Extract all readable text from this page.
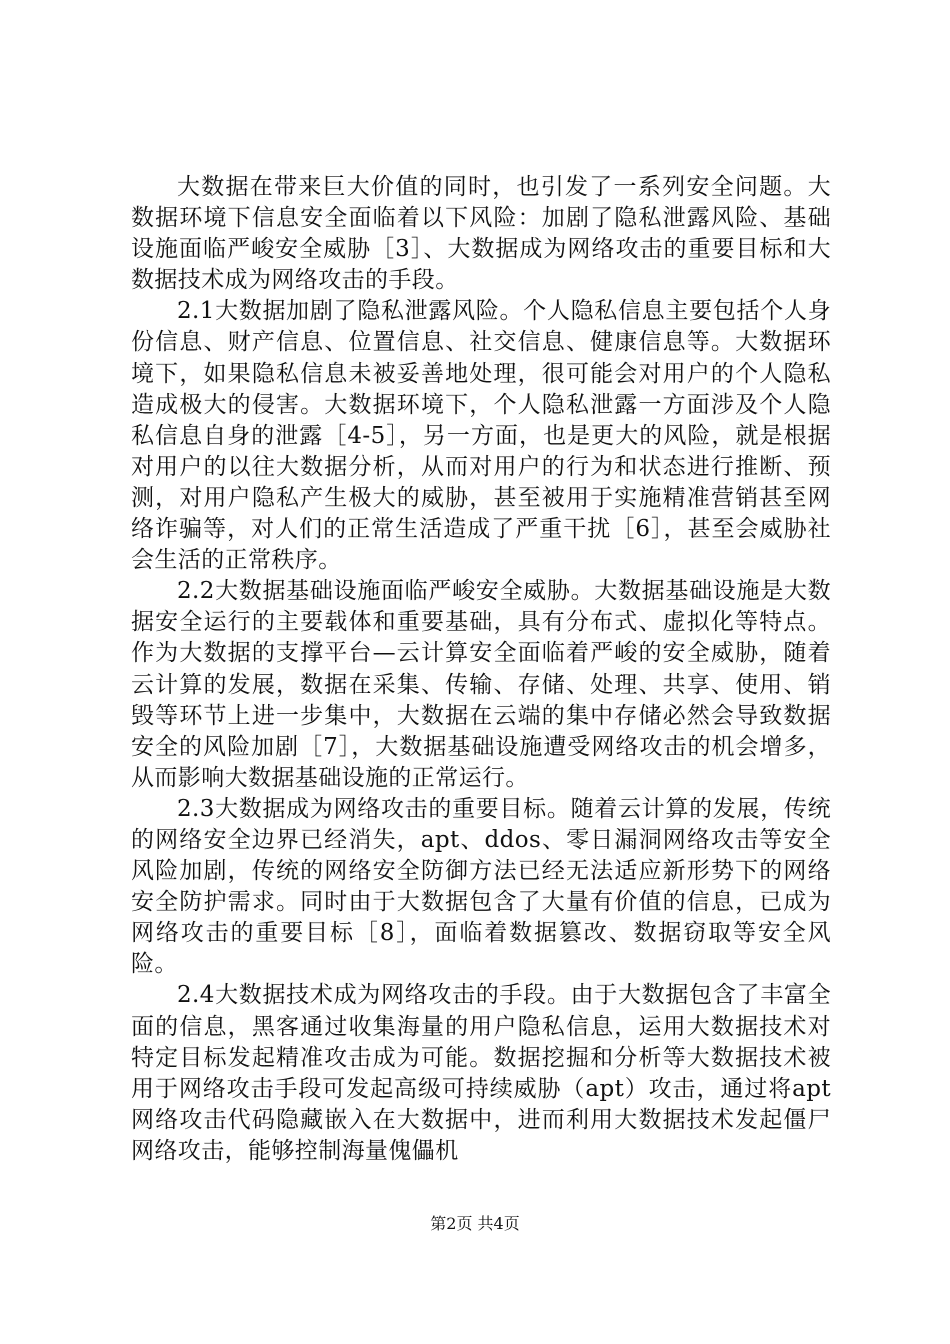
大数据在带来巨大价值的同时，也引发了一系列安全问题。大数据环境下信息安全面临着以下风险：加剧了隐私泄露风险、基础设施面临严峻安全威胁［3］、大数据成为网络攻击的重要目标和大数据技术成为网络攻击的手段。

2.1大数据加剧了隐私泄露风险。个人隐私信息主要包括个人身份信息、财产信息、位置信息、社交信息、健康信息等。大数据环境下，如果隐私信息未被妥善地处理，很可能会对用户的个人隐私造成极大的侵害。大数据环境下，个人隐私泄露一方面涉及个人隐私信息自身的泄露［4-5］，另一方面，也是更大的风险，就是根据对用户的以往大数据分析，从而对用户的行为和状态进行推断、预测，对用户隐私产生极大的威胁，甚至被用于实施精准营销甚至网络诈骗等，对人们的正常生活造成了严重干扰［6］，甚至会威胁社会生活的正常秩序。

2.2大数据基础设施面临严峻安全威胁。大数据基础设施是大数据安全运行的主要载体和重要基础，具有分布式、虚拟化等特点。作为大数据的支撑平台—云计算安全面临着严峻的安全威胁，随着云计算的发展，数据在采集、传输、存储、处理、共享、使用、销毁等环节上进一步集中，大数据在云端的集中存储必然会导致数据安全的风险加剧［7］，大数据基础设施遭受网络攻击的机会增多，从而影响大数据基础设施的正常运行。

2.3大数据成为网络攻击的重要目标。随着云计算的发展，传统的网络安全边界已经消失，apt、ddos、零日漏洞网络攻击等安全风险加剧，传统的网络安全防御方法已经无法适应新形势下的网络安全防护需求。同时由于大数据包含了大量有价值的信息，已成为网络攻击的重要目标［8］，面临着数据篡改、数据窃取等安全风险。

2.4大数据技术成为网络攻击的手段。由于大数据包含了丰富全面的信息，黑客通过收集海量的用户隐私信息，运用大数据技术对特定目标发起精准攻击成为可能。数据挖掘和分析等大数据技术被用于网络攻击手段可发起高级可持续威胁（apt）攻击，通过将apt网络攻击代码隐藏嵌入在大数据中，进而利用大数据技术发起僵尸网络攻击，能够控制海量傀儡机

第2页 共4页
